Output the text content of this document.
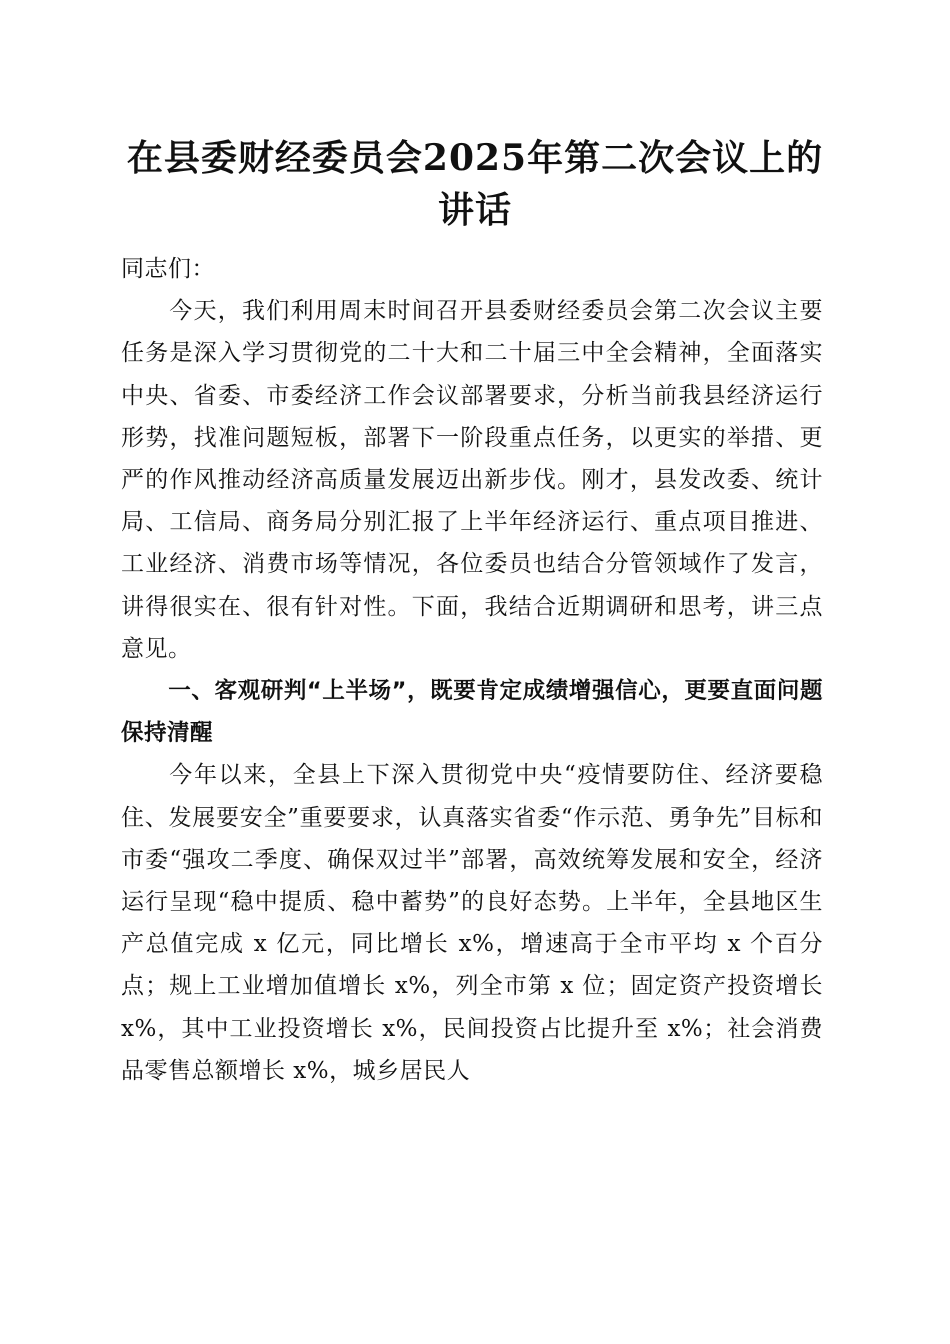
在县委财经委员会2025年第二次会议上的讲话

同志们：

今天，我们利用周末时间召开县委财经委员会第二次会议主要任务是深入学习贯彻党的二十大和二十届三中全会精神，全面落实中央、省委、市委经济工作会议部署要求，分析当前我县经济运行形势，找准问题短板，部署下一阶段重点任务，以更实的举措、更严的作风推动经济高质量发展迈出新步伐。刚才，县发改委、统计局、工信局、商务局分别汇报了上半年经济运行、重点项目推进、工业经济、消费市场等情况，各位委员也结合分管领域作了发言，讲得很实在、很有针对性。下面，我结合近期调研和思考，讲三点意见。

一、客观研判“上半场”，既要肯定成绩增强信心，更要直面问题保持清醒

今年以来，全县上下深入贯彻党中央“疫情要防住、经济要稳住、发展要安全”重要要求，认真落实省委“作示范、勇争先”目标和市委“强攻二季度、确保双过半”部署，高效统筹发展和安全，经济运行呈现“稳中提质、稳中蓄势”的良好态势。上半年，全县地区生产总值完成 x 亿元，同比增长 x%，增速高于全市平均 x 个百分点；规上工业增加值增长 x%，列全市第 x 位；固定资产投资增长 x%，其中工业投资增长 x%，民间投资占比提升至 x%；社会消费品零售总额增长 x%，城乡居民人
